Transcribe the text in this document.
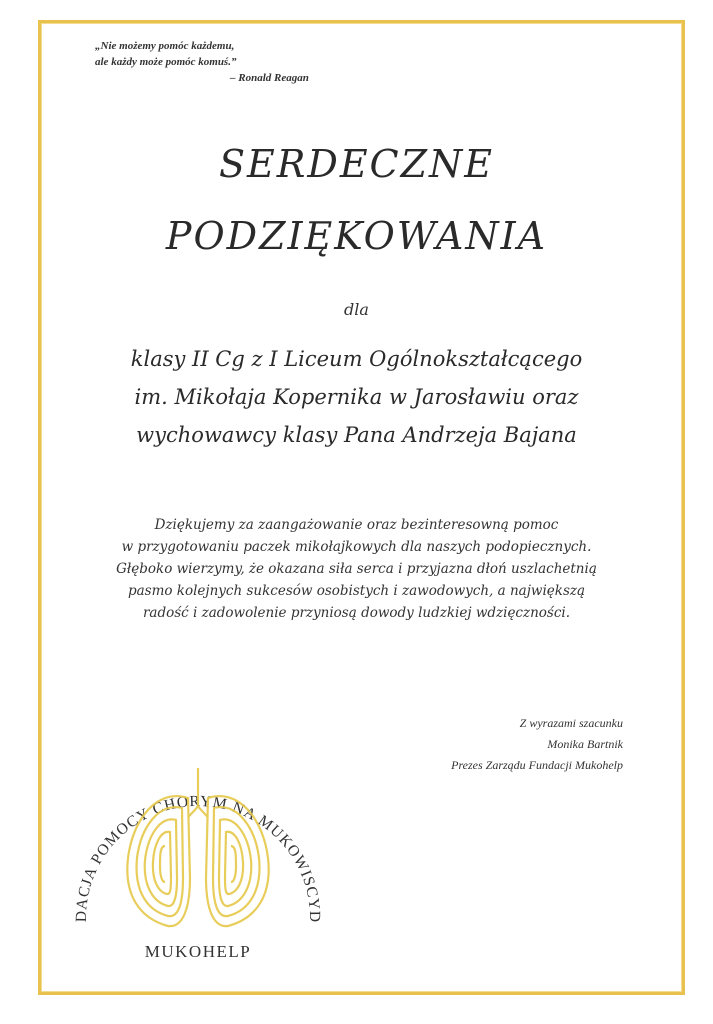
„Nie możemy pomóc każdemu,
ale każdy może pomóc komuś.”
– Ronald Reagan
SERDECZNE
PODZIĘKOWANIA
dla
klasy II Cg z I Liceum Ogólnokształcącego
im. Mikołaja Kopernika w Jarosławiu oraz
wychowawcy klasy Pana Andrzeja Bajana
Dziękujemy za zaangażowanie oraz bezinteresowną pomoc
w przygotowaniu paczek mikołajkowych dla naszych podopiecznych.
Głęboko wierzymy, że okazana siła serca i przyjazna dłoń uszlachetnią
pasmo kolejnych sukcesów osobistych i zawodowych, a największą
radość i zadowolenie przyniosą dowody ludzkiej wdzięczności.
Z wyrazami szacunku
Monika Bartnik
Prezes Zarządu Fundacji Mukohelp
DACJA POMOCY CHORYM NA MUKOWISCYD
MUKOHELP
